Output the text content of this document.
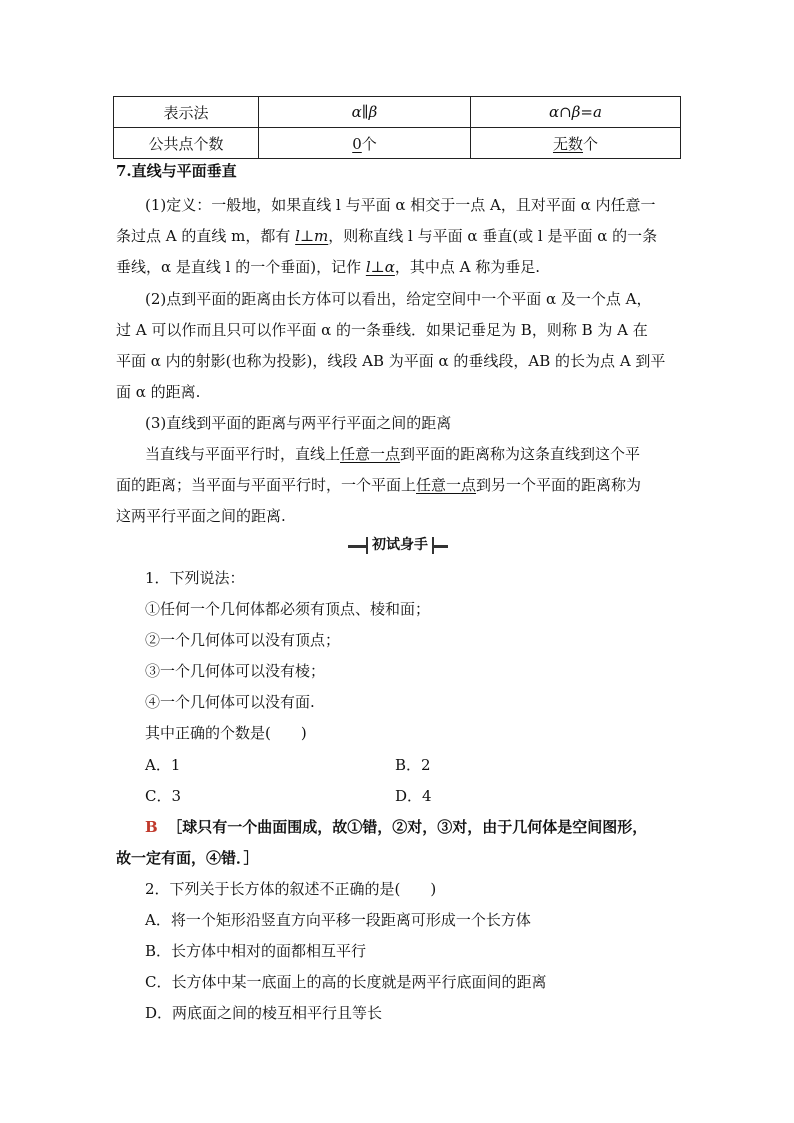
表示法	α∥β	α∩β=a
公共点个数	0个	无数个
7.直线与平面垂直
(1)定义：一般地，如果直线 l 与平面 α 相交于一点 A，且对平面 α 内任意一
条过点 A 的直线 m，都有 l⊥m，则称直线 l 与平面 α 垂直(或 l 是平面 α 的一条
垂线，α 是直线 l 的一个垂面)，记作 l⊥α，其中点 A 称为垂足.
(2)点到平面的距离由长方体可以看出，给定空间中一个平面 α 及一个点 A，
过 A 可以作而且只可以作平面 α 的一条垂线．如果记垂足为 B，则称 B 为 A 在
平面 α 内的射影(也称为投影)，线段 AB 为平面 α 的垂线段，AB 的长为点 A 到平
面 α 的距离.
(3)直线到平面的距离与两平行平面之间的距离
当直线与平面平行时，直线上任意一点到平面的距离称为这条直线到这个平
面的距离；当平面与平面平行时，一个平面上任意一点到另一个平面的距离称为
这两平行平面之间的距离.
初试身手
1．下列说法：
①任何一个几何体都必须有顶点、棱和面；
②一个几何体可以没有顶点；
③一个几何体可以没有棱；
④一个几何体可以没有面.
其中正确的个数是(　　)
A．1	B．2
C．3	D．4
B ［球只有一个曲面围成，故①错，②对，③对，由于几何体是空间图形，
故一定有面，④错．］
2．下列关于长方体的叙述不正确的是(　　)
A．将一个矩形沿竖直方向平移一段距离可形成一个长方体
B．长方体中相对的面都相互平行
C．长方体中某一底面上的高的长度就是两平行底面间的距离
D．两底面之间的棱互相平行且等长
